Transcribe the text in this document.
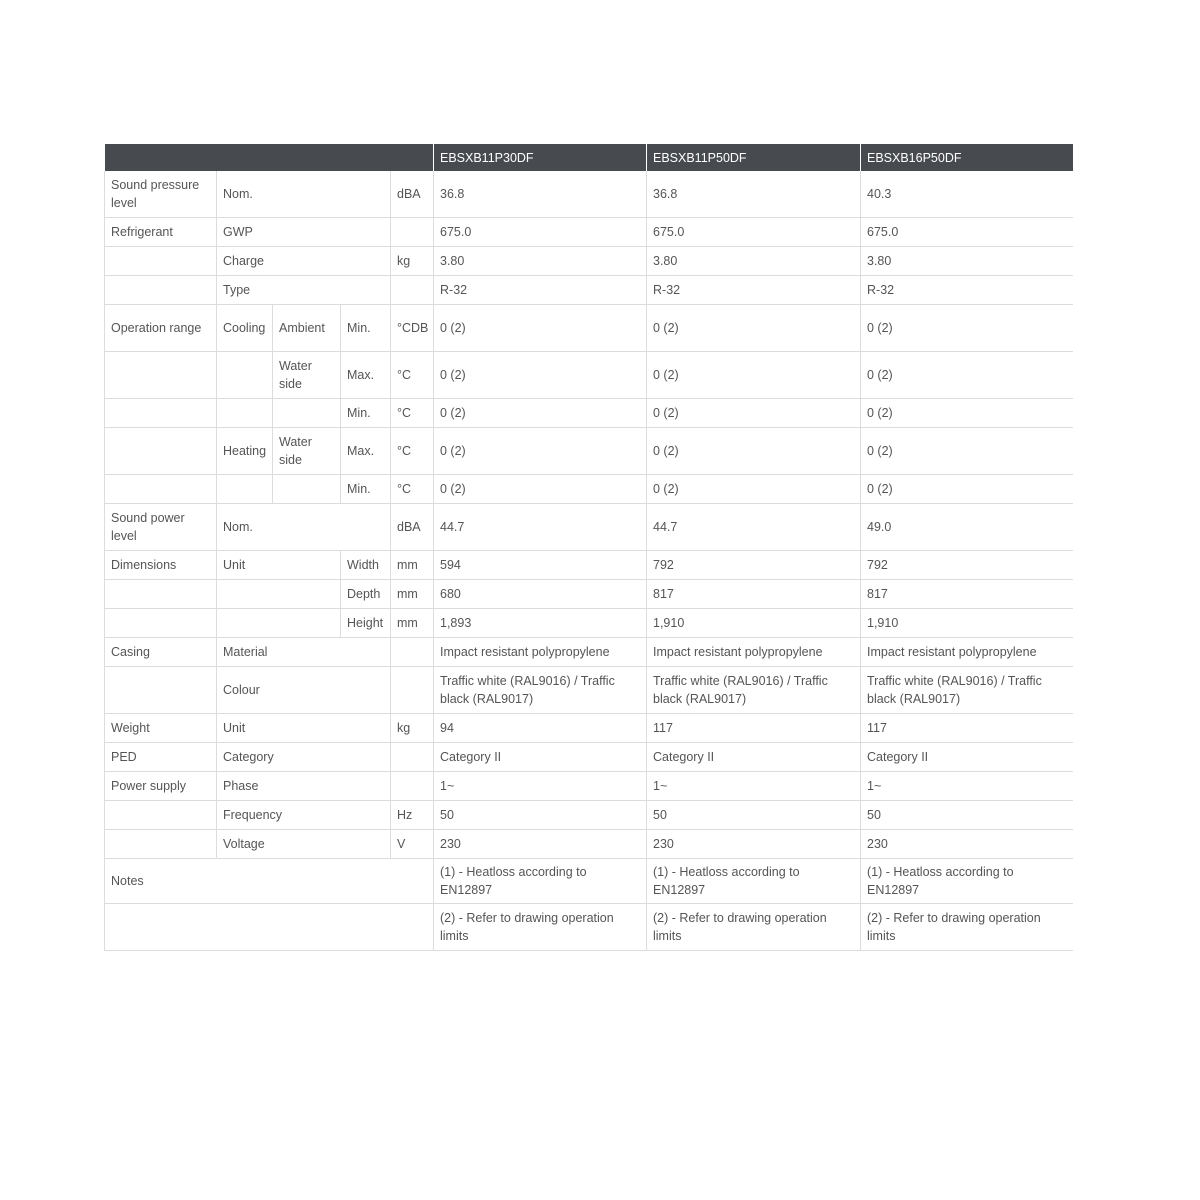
					EBSXB11P30DF	EBSXB11P50DF	EBSXB16P50DF
Sound pressure level	Nom.			dBA	36.8	36.8	40.3
Refrigerant	GWP				675.0	675.0	675.0
	Charge			kg	3.80	3.80	3.80
	Type				R-32	R-32	R-32
Operation range	Cooling	Ambient	Min.	°CDB	0 (2)	0 (2)	0 (2)
		Water side	Max.	°C	0 (2)	0 (2)	0 (2)
			Min.	°C	0 (2)	0 (2)	0 (2)
	Heating	Water side	Max.	°C	0 (2)	0 (2)	0 (2)
			Min.	°C	0 (2)	0 (2)	0 (2)
Sound power level	Nom.			dBA	44.7	44.7	49.0
Dimensions	Unit		Width	mm	594	792	792
			Depth	mm	680	817	817
			Height	mm	1,893	1,910	1,910
Casing	Material				Impact resistant polypropylene	Impact resistant polypropylene	Impact resistant polypropylene
	Colour				Traffic white (RAL9016) / Traffic black (RAL9017)	Traffic white (RAL9016) / Traffic black (RAL9017)	Traffic white (RAL9016) / Traffic black (RAL9017)
Weight	Unit			kg	94	117	117
PED	Category				Category II	Category II	Category II
Power supply	Phase				1~	1~	1~
	Frequency			Hz	50	50	50
	Voltage			V	230	230	230
Notes					(1) - Heatloss according to EN12897	(1) - Heatloss according to EN12897	(1) - Heatloss according to EN12897
					(2) - Refer to drawing operation limits	(2) - Refer to drawing operation limits	(2) - Refer to drawing operation limits
